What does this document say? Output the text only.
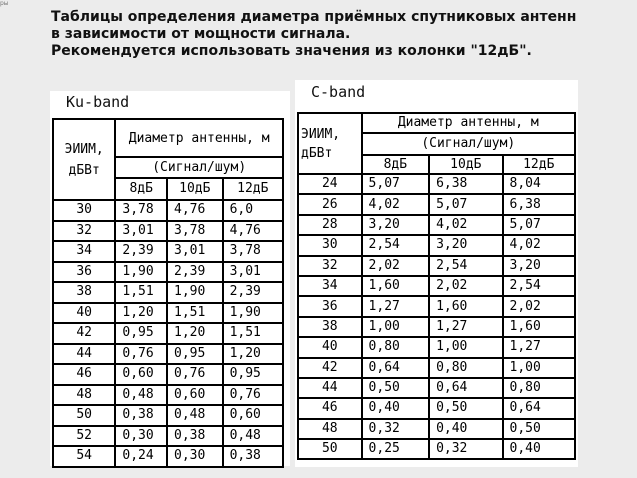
ры
Таблицы определения диаметра приёмных спутниковых антенн
в зависимости от мощности сигнала.
Рекомендуется использовать значения из колонки "12дБ".
Ku-band
ЭИИМ, дБВт	Диаметр антенны, м		
	(Сигнал/шум)		
	8дБ	10дБ	12дБ
30	3,78	4,76	6,0
32	3,01	3,78	4,76
34	2,39	3,01	3,78
36	1,90	2,39	3,01
38	1,51	1,90	2,39
40	1,20	1,51	1,90
42	0,95	1,20	1,51
44	0,76	0,95	1,20
46	0,60	0,76	0,95
48	0,48	0,60	0,76
50	0,38	0,48	0,60
52	0,30	0,38	0,48
54	0,24	0,30	0,38
C-band
ЭИИМ, дБВт	Диаметр антенны, м		
	(Сигнал/шум)		
	8дБ	10дБ	12дБ
24	5,07	6,38	8,04
26	4,02	5,07	6,38
28	3,20	4,02	5,07
30	2,54	3,20	4,02
32	2,02	2,54	3,20
34	1,60	2,02	2,54
36	1,27	1,60	2,02
38	1,00	1,27	1,60
40	0,80	1,00	1,27
42	0,64	0,80	1,00
44	0,50	0,64	0,80
46	0,40	0,50	0,64
48	0,32	0,40	0,50
50	0,25	0,32	0,40
